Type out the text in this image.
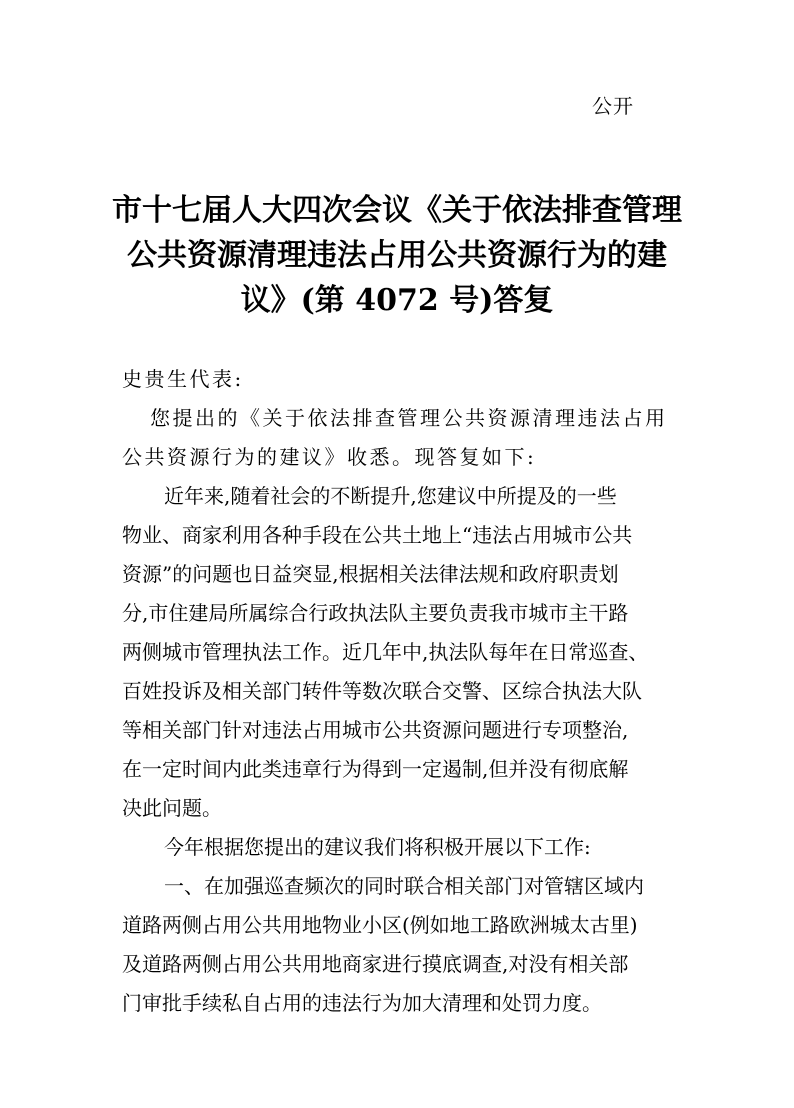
公开
市十七届人大四次会议《关于依法排查管理
公共资源清理违法占用公共资源行为的建
议》(第 4072 号)答复
史贵生代表:
您提出的《关于依法排查管理公共资源清理违法占用
公共资源行为的建议》收悉。现答复如下:
近年来,随着社会的不断提升,您建议中所提及的一些
物业、商家利用各种手段在公共土地上“违法占用城市公共
资源”的问题也日益突显,根据相关法律法规和政府职责划
分,市住建局所属综合行政执法队主要负责我市城市主干路
两侧城市管理执法工作。近几年中,执法队每年在日常巡查、
百姓投诉及相关部门转件等数次联合交警、区综合执法大队
等相关部门针对违法占用城市公共资源问题进行专项整治,
在一定时间内此类违章行为得到一定遏制,但并没有彻底解
决此问题。
今年根据您提出的建议我们将积极开展以下工作:
一、在加强巡查频次的同时联合相关部门对管辖区域内
道路两侧占用公共用地物业小区(例如地工路欧洲城太古里)
及道路两侧占用公共用地商家进行摸底调查,对没有相关部
门审批手续私自占用的违法行为加大清理和处罚力度。
